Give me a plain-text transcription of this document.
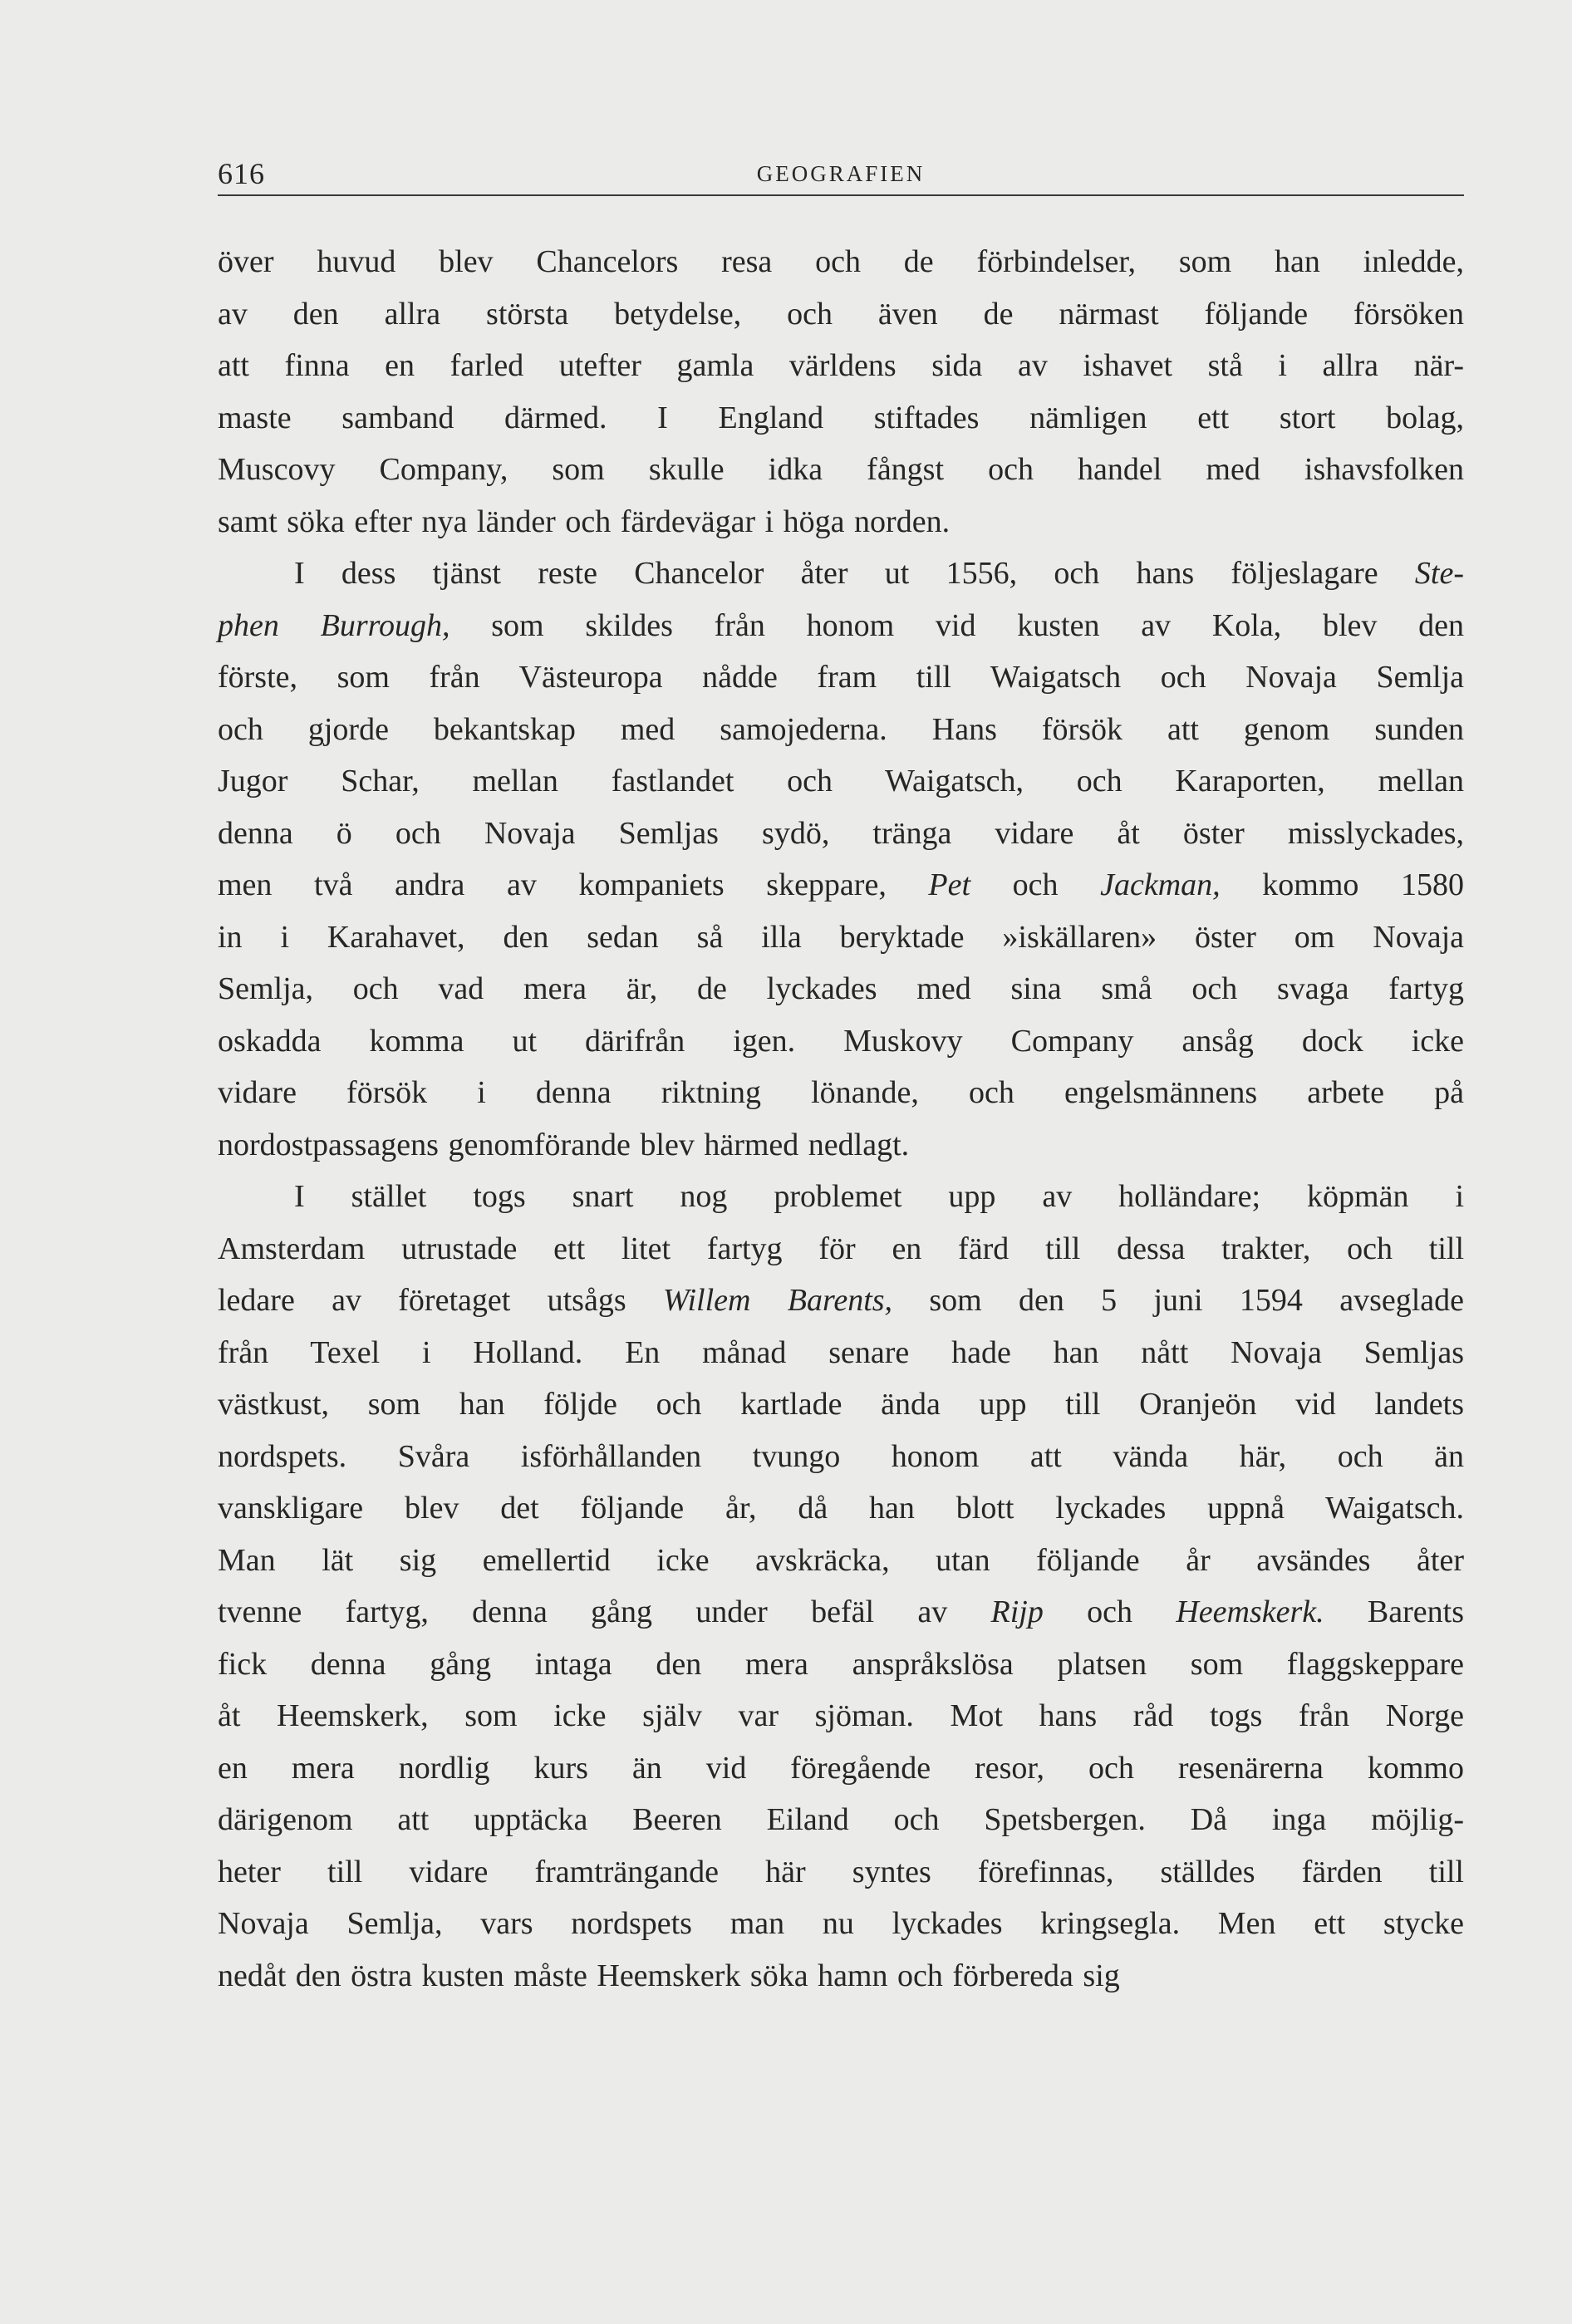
616	GEOGRAFIEN
över huvud blev Chancelors resa och de förbindelser, som han inledde,
av den allra största betydelse, och även de närmast följande försöken
att finna en farled utefter gamla världens sida av ishavet stå i allra när-
maste samband därmed. I England stiftades nämligen ett stort bolag,
Muscovy Company, som skulle idka fångst och handel med ishavsfolken
samt söka efter nya länder och färdevägar i höga norden.
I dess tjänst reste Chancelor åter ut 1556, och hans följeslagare Ste-
phen Burrough, som skildes från honom vid kusten av Kola, blev den
förste, som från Västeuropa nådde fram till Waigatsch och Novaja Semlja
och gjorde bekantskap med samojederna. Hans försök att genom sunden
Jugor Schar, mellan fastlandet och Waigatsch, och Karaporten, mellan
denna ö och Novaja Semljas sydö, tränga vidare åt öster misslyckades,
men två andra av kompaniets skeppare, Pet och Jackman, kommo 1580
in i Karahavet, den sedan så illa beryktade »iskällaren» öster om Novaja
Semlja, och vad mera är, de lyckades med sina små och svaga fartyg
oskadda komma ut därifrån igen. Muskovy Company ansåg dock icke
vidare försök i denna riktning lönande, och engelsmännens arbete på
nordostpassagens genomförande blev härmed nedlagt.
I stället togs snart nog problemet upp av holländare; köpmän i
Amsterdam utrustade ett litet fartyg för en färd till dessa trakter, och till
ledare av företaget utsågs Willem Barents, som den 5 juni 1594 avseglade
från Texel i Holland. En månad senare hade han nått Novaja Semljas
västkust, som han följde och kartlade ända upp till Oranjeön vid landets
nordspets. Svåra isförhållanden tvungo honom att vända här, och än
vanskligare blev det följande år, då han blott lyckades uppnå Waigatsch.
Man lät sig emellertid icke avskräcka, utan följande år avsändes åter
tvenne fartyg, denna gång under befäl av Rijp och Heemskerk. Barents
fick denna gång intaga den mera anspråkslösa platsen som flaggskeppare
åt Heemskerk, som icke själv var sjöman. Mot hans råd togs från Norge
en mera nordlig kurs än vid föregående resor, och resenärerna kommo
därigenom att upptäcka Beeren Eiland och Spetsbergen. Då inga möjlig-
heter till vidare framträngande här syntes förefinnas, ställdes färden till
Novaja Semlja, vars nordspets man nu lyckades kringsegla. Men ett stycke
nedåt den östra kusten måste Heemskerk söka hamn och förbereda sig
